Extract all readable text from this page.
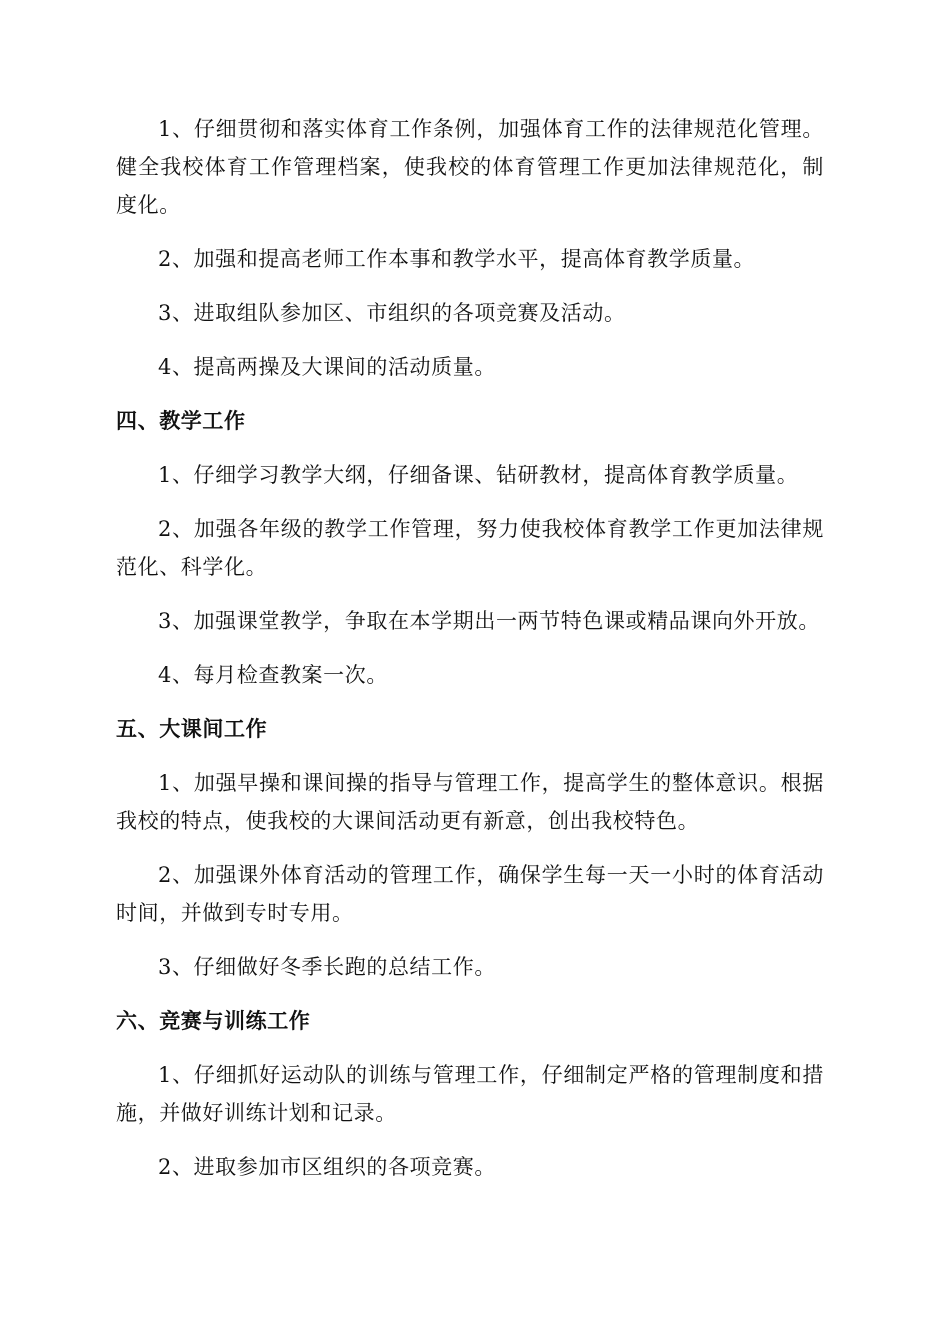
1、仔细贯彻和落实体育工作条例，加强体育工作的法律规范化管理。健全我校体育工作管理档案，使我校的体育管理工作更加法律规范化，制度化。

2、加强和提高老师工作本事和教学水平，提高体育教学质量。

3、进取组队参加区、市组织的各项竞赛及活动。

4、提高两操及大课间的活动质量。

四、教学工作

1、仔细学习教学大纲，仔细备课、钻研教材，提高体育教学质量。

2、加强各年级的教学工作管理，努力使我校体育教学工作更加法律规范化、科学化。

3、加强课堂教学，争取在本学期出一两节特色课或精品课向外开放。

4、每月检查教案一次。

五、大课间工作

1、加强早操和课间操的指导与管理工作，提高学生的整体意识。根据我校的特点，使我校的大课间活动更有新意，创出我校特色。

2、加强课外体育活动的管理工作，确保学生每一天一小时的体育活动时间，并做到专时专用。

3、仔细做好冬季长跑的总结工作。

六、竞赛与训练工作

1、仔细抓好运动队的训练与管理工作，仔细制定严格的管理制度和措施，并做好训练计划和记录。

2、进取参加市区组织的各项竞赛。
